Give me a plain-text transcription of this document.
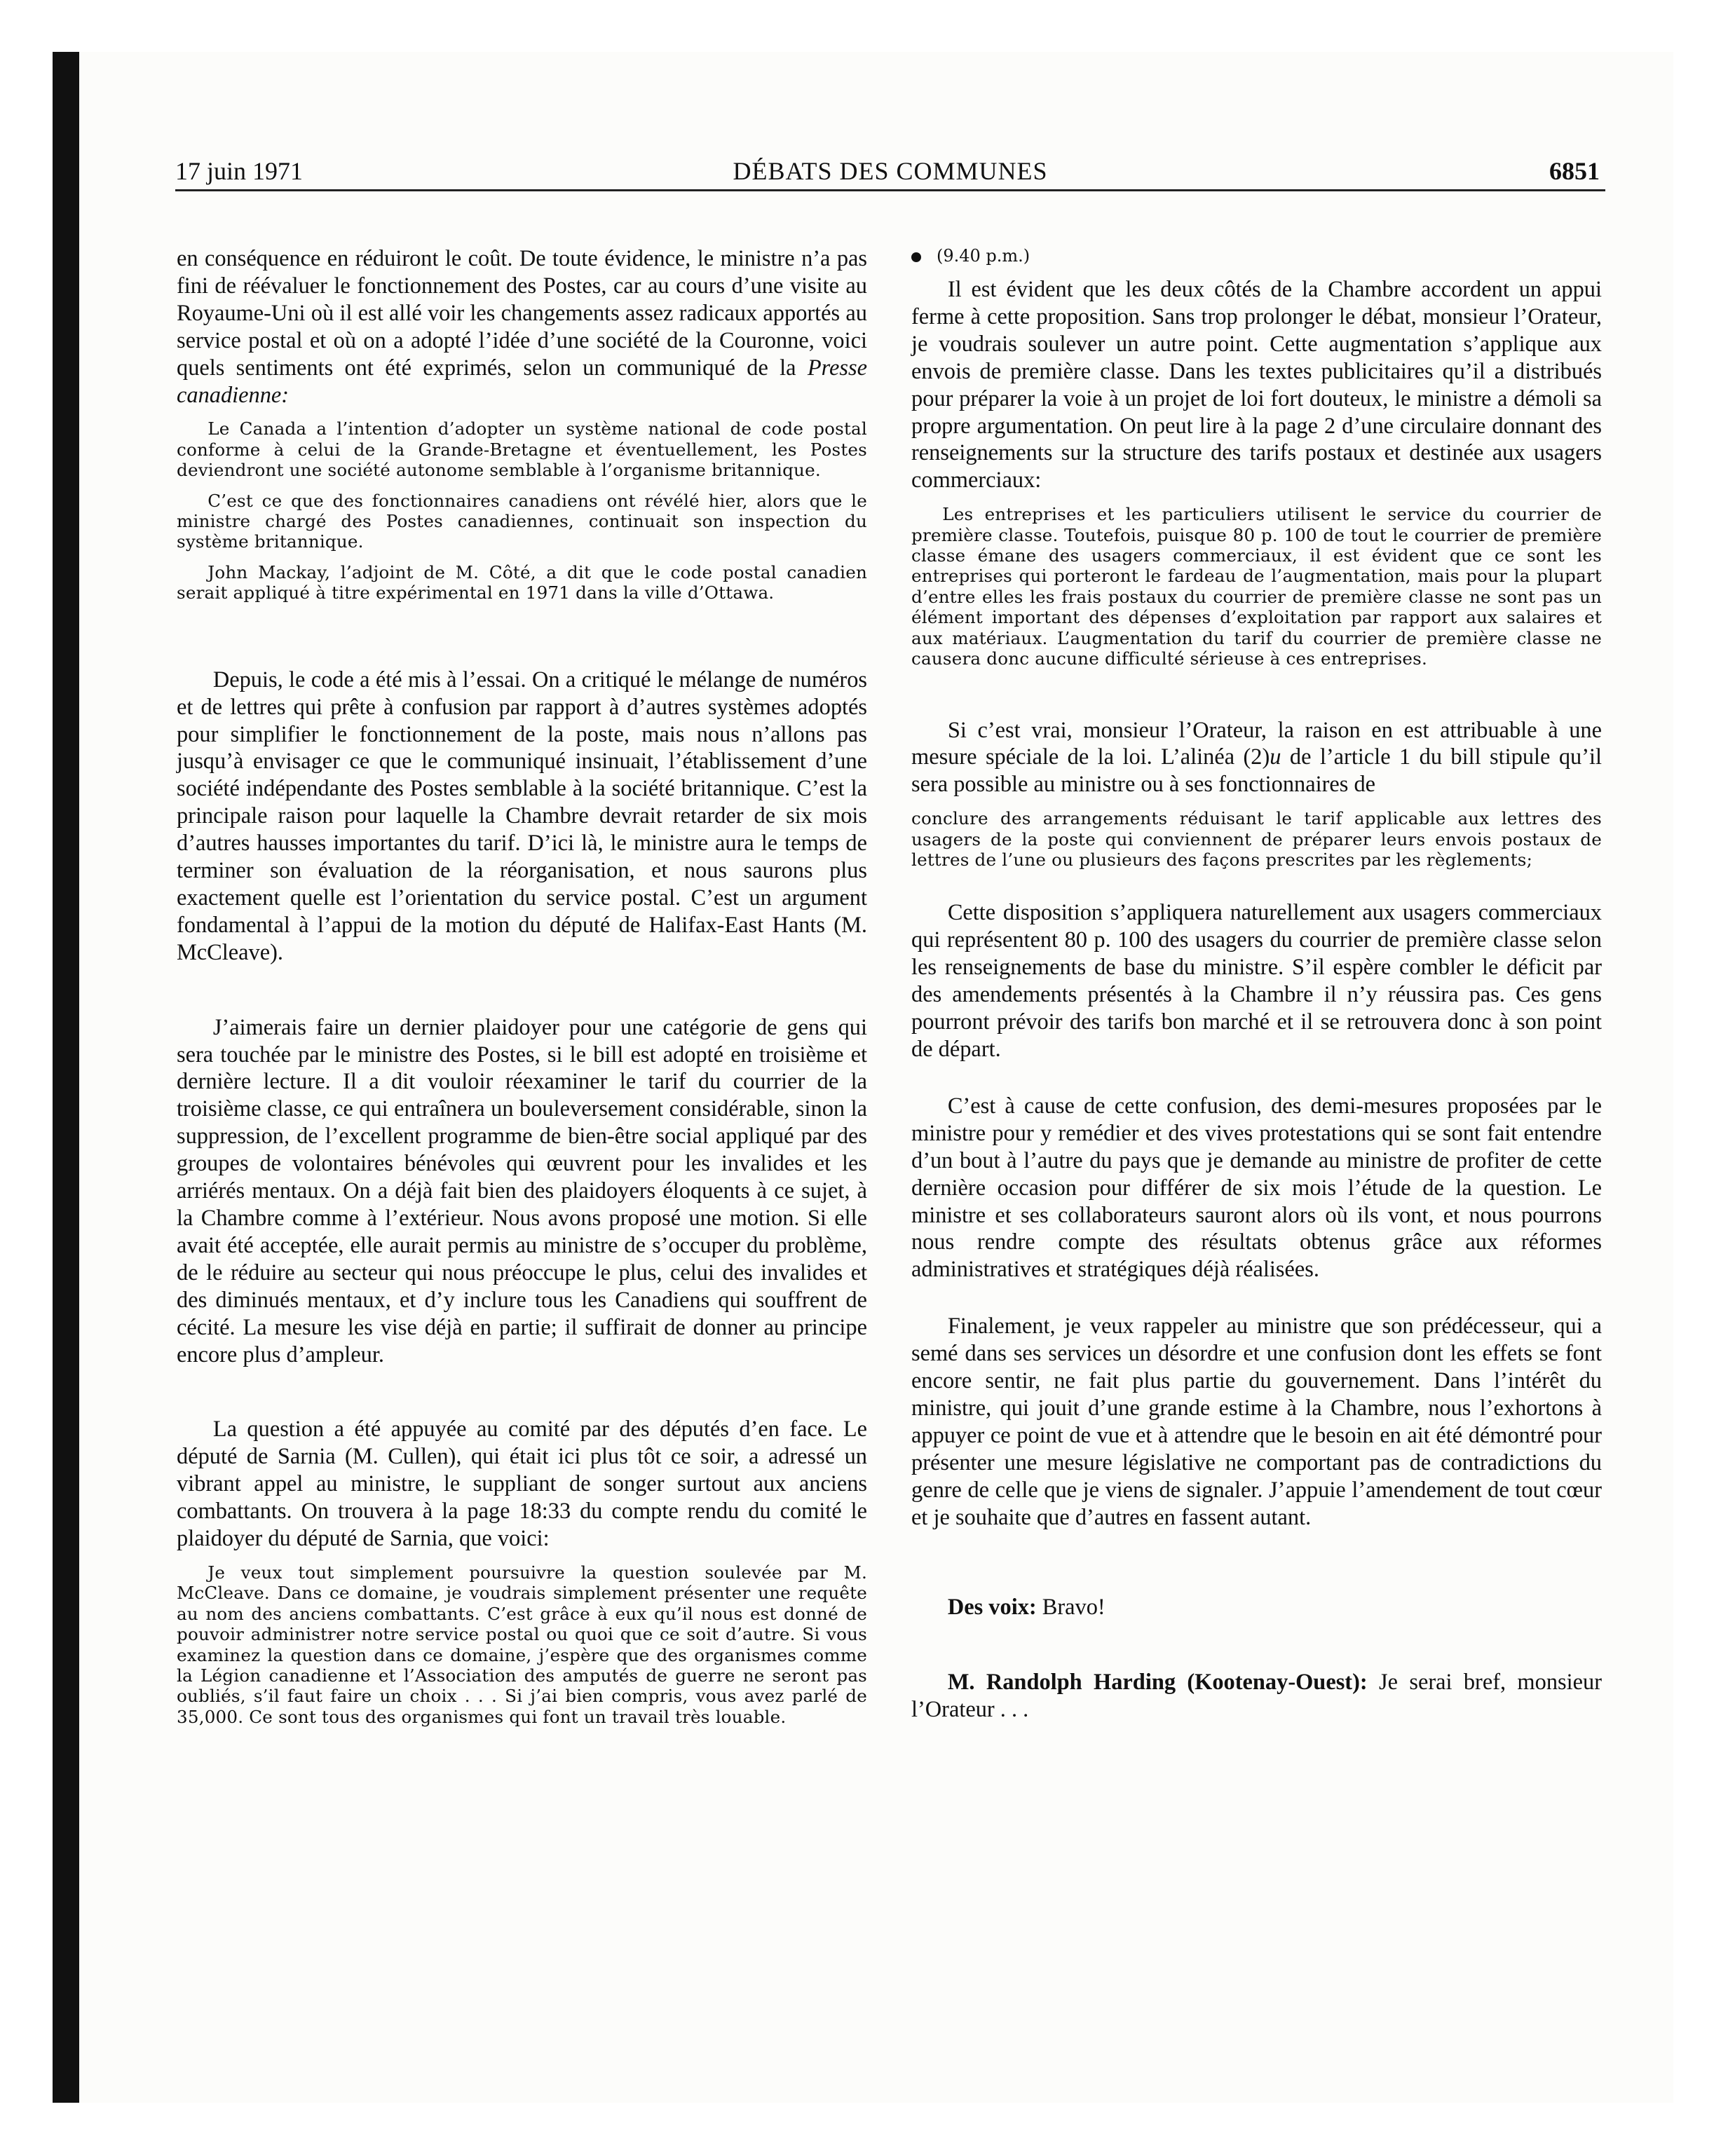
17 juin 1971	DÉBATS DES COMMUNES	6851

en conséquence en réduiront le coût. De toute évidence, le ministre n’a pas fini de réévaluer le fonctionnement des Postes, car au cours d’une visite au Royaume-Uni où il est allé voir les changements assez radicaux apportés au service postal et où on a adopté l’idée d’une société de la Couronne, voici quels sentiments ont été exprimés, selon un communiqué de la Presse canadienne:

Le Canada a l’intention d’adopter un système national de code postal conforme à celui de la Grande-Bretagne et éventuellement, les Postes deviendront une société autonome semblable à l’organisme britannique.

C’est ce que des fonctionnaires canadiens ont révélé hier, alors que le ministre chargé des Postes canadiennes, continuait son inspection du système britannique.

John Mackay, l’adjoint de M. Côté, a dit que le code postal canadien serait appliqué à titre expérimental en 1971 dans la ville d’Ottawa.

Depuis, le code a été mis à l’essai. On a critiqué le mélange de numéros et de lettres qui prête à confusion par rapport à d’autres systèmes adoptés pour simplifier le fonctionnement de la poste, mais nous n’allons pas jusqu’à envisager ce que le communiqué insinuait, l’établissement d’une société indépendante des Postes semblable à la société britannique. C’est la principale raison pour laquelle la Chambre devrait retarder de six mois d’autres hausses importantes du tarif. D’ici là, le ministre aura le temps de terminer son évaluation de la réorganisation, et nous saurons plus exactement quelle est l’orientation du service postal. C’est un argument fondamental à l’appui de la motion du député de Halifax-East Hants (M. McCleave).

J’aimerais faire un dernier plaidoyer pour une catégorie de gens qui sera touchée par le ministre des Postes, si le bill est adopté en troisième et dernière lecture. Il a dit vouloir réexaminer le tarif du courrier de la troisième classe, ce qui entraînera un bouleversement considérable, sinon la suppression, de l’excellent programme de bien-être social appliqué par des groupes de volontaires bénévoles qui œuvrent pour les invalides et les arriérés mentaux. On a déjà fait bien des plaidoyers éloquents à ce sujet, à la Chambre comme à l’extérieur. Nous avons proposé une motion. Si elle avait été acceptée, elle aurait permis au ministre de s’occuper du problème, de le réduire au secteur qui nous préoccupe le plus, celui des invalides et des diminués mentaux, et d’y inclure tous les Canadiens qui souffrent de cécité. La mesure les vise déjà en partie; il suffirait de donner au principe encore plus d’ampleur.

La question a été appuyée au comité par des députés d’en face. Le député de Sarnia (M. Cullen), qui était ici plus tôt ce soir, a adressé un vibrant appel au ministre, le suppliant de songer surtout aux anciens combattants. On trouvera à la page 18:33 du compte rendu du comité le plaidoyer du député de Sarnia, que voici:

Je veux tout simplement poursuivre la question soulevée par M. McCleave. Dans ce domaine, je voudrais simplement présenter une requête au nom des anciens combattants. C’est grâce à eux qu’il nous est donné de pouvoir administrer notre service postal ou quoi que ce soit d’autre. Si vous examinez la question dans ce domaine, j’espère que des organismes comme la Légion canadienne et l’Association des amputés de guerre ne seront pas oubliés, s’il faut faire un choix . . . Si j’ai bien compris, vous avez parlé de 35,000. Ce sont tous des organismes qui font un travail très louable.

(9.40 p.m.)

Il est évident que les deux côtés de la Chambre accordent un appui ferme à cette proposition. Sans trop prolonger le débat, monsieur l’Orateur, je voudrais soulever un autre point. Cette augmentation s’applique aux envois de première classe. Dans les textes publicitaires qu’il a distribués pour préparer la voie à un projet de loi fort douteux, le ministre a démoli sa propre argumentation. On peut lire à la page 2 d’une circulaire donnant des renseignements sur la structure des tarifs postaux et destinée aux usagers commerciaux:

Les entreprises et les particuliers utilisent le service du courrier de première classe. Toutefois, puisque 80 p. 100 de tout le courrier de première classe émane des usagers commerciaux, il est évident que ce sont les entreprises qui porteront le fardeau de l’augmentation, mais pour la plupart d’entre elles les frais postaux du courrier de première classe ne sont pas un élément important des dépenses d’exploitation par rapport aux salaires et aux matériaux. L’augmentation du tarif du courrier de première classe ne causera donc aucune difficulté sérieuse à ces entreprises.

Si c’est vrai, monsieur l’Orateur, la raison en est attribuable à une mesure spéciale de la loi. L’alinéa (2)u de l’article 1 du bill stipule qu’il sera possible au ministre ou à ses fonctionnaires de

conclure des arrangements réduisant le tarif applicable aux lettres des usagers de la poste qui conviennent de préparer leurs envois postaux de lettres de l’une ou plusieurs des façons prescrites par les règlements;

Cette disposition s’appliquera naturellement aux usagers commerciaux qui représentent 80 p. 100 des usagers du courrier de première classe selon les renseignements de base du ministre. S’il espère combler le déficit par des amendements présentés à la Chambre il n’y réussira pas. Ces gens pourront prévoir des tarifs bon marché et il se retrouvera donc à son point de départ.

C’est à cause de cette confusion, des demi-mesures proposées par le ministre pour y remédier et des vives protestations qui se sont fait entendre d’un bout à l’autre du pays que je demande au ministre de profiter de cette dernière occasion pour différer de six mois l’étude de la question. Le ministre et ses collaborateurs sauront alors où ils vont, et nous pourrons nous rendre compte des résultats obtenus grâce aux réformes administratives et stratégiques déjà réalisées.

Finalement, je veux rappeler au ministre que son prédécesseur, qui a semé dans ses services un désordre et une confusion dont les effets se font encore sentir, ne fait plus partie du gouvernement. Dans l’intérêt du ministre, qui jouit d’une grande estime à la Chambre, nous l’exhortons à appuyer ce point de vue et à attendre que le besoin en ait été démontré pour présenter une mesure législative ne comportant pas de contradictions du genre de celle que je viens de signaler. J’appuie l’amendement de tout cœur et je souhaite que d’autres en fassent autant.

Des voix: Bravo!

M. Randolph Harding (Kootenay-Ouest): Je serai bref, monsieur l’Orateur . . .
